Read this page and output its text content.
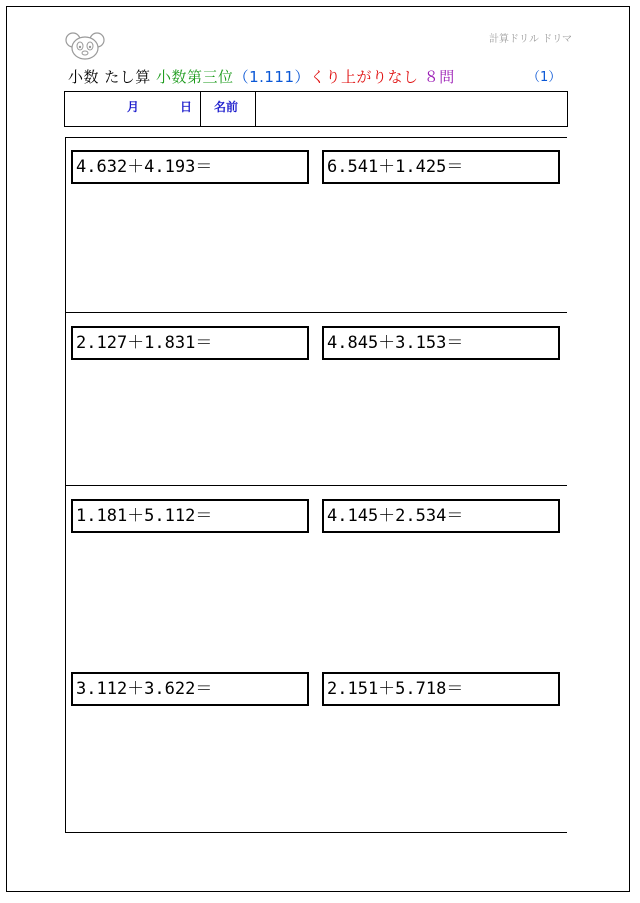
計算ドリル ドリマ
小数 たし算 小数第三位（1.111）くり上がりなし ８問	（1）
月	日 名前
4.632＋4.193＝	6.541＋1.425＝
2.127＋1.831＝	4.845＋3.153＝
1.181＋5.112＝	4.145＋2.534＝
3.112＋3.622＝	2.151＋5.718＝
